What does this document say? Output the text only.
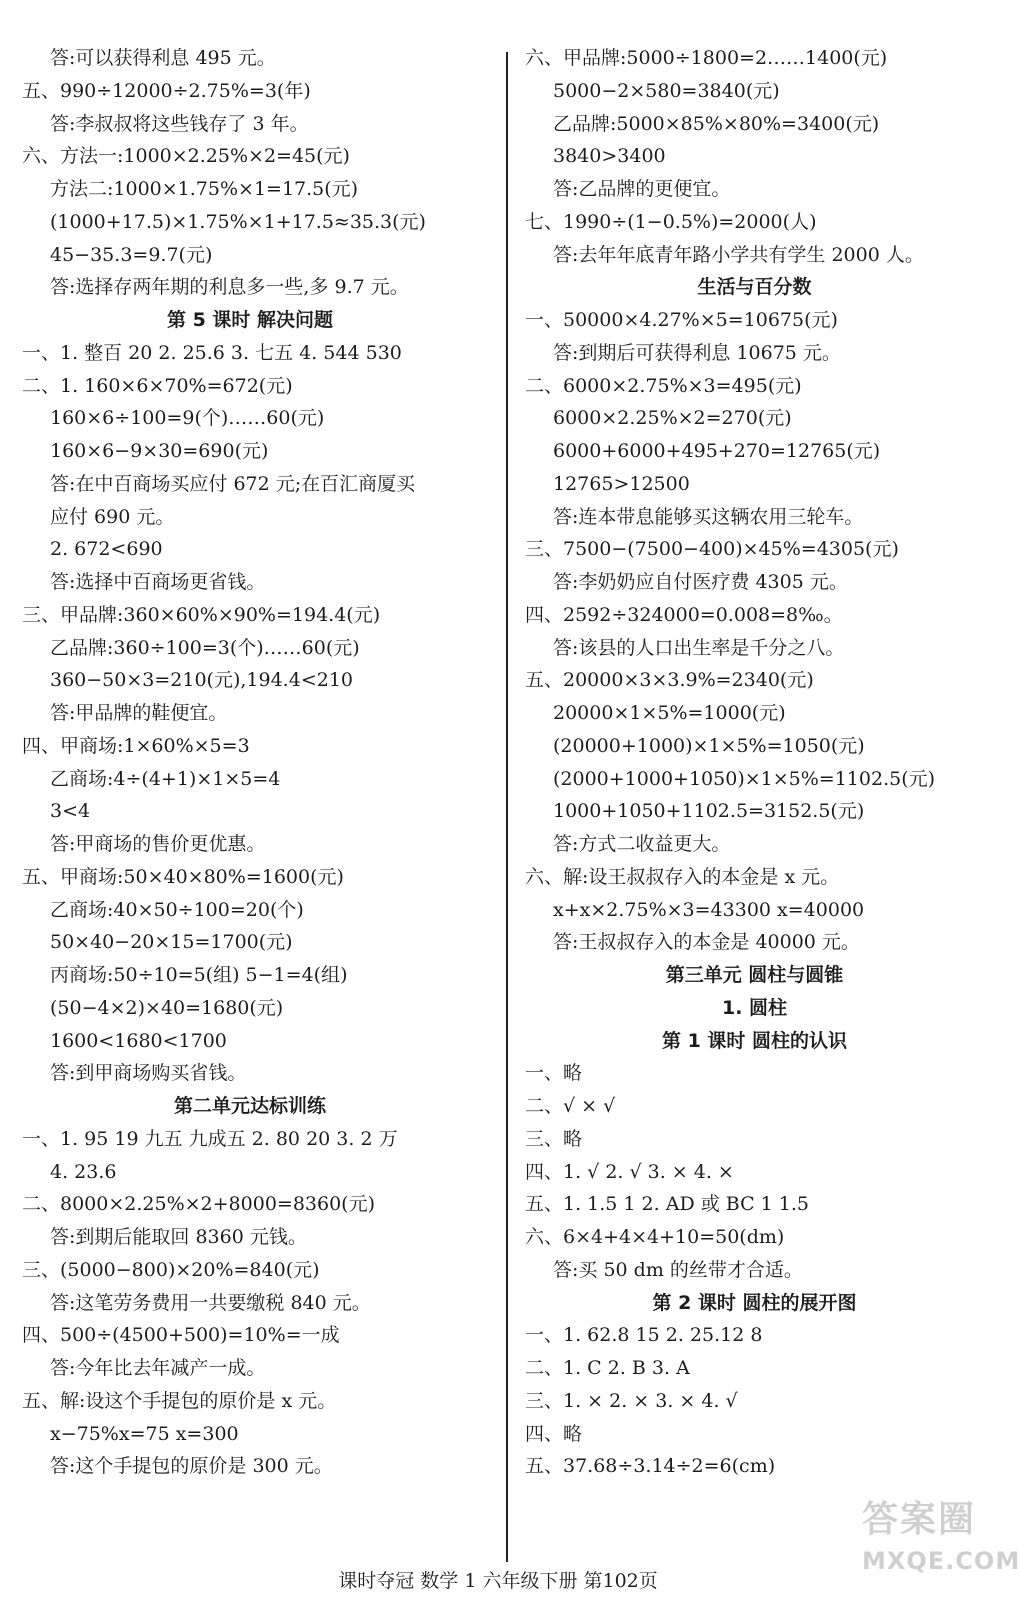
答:可以获得利息 495 元。
五、990÷12000÷2.75%=3(年)
答:李叔叔将这些钱存了 3 年。
六、方法一:1000×2.25%×2=45(元)
方法二:1000×1.75%×1=17.5(元)
(1000+17.5)×1.75%×1+17.5≈35.3(元)
45−35.3=9.7(元)
答:选择存两年期的利息多一些,多 9.7 元。
第 5 课时 解决问题
一、1. 整百 20 2. 25.6 3. 七五 4. 544 530
二、1. 160×6×70%=672(元)
160×6÷100=9(个)……60(元)
160×6−9×30=690(元)
答:在中百商场买应付 672 元;在百汇商厦买
应付 690 元。
2. 672<690
答:选择中百商场更省钱。
三、甲品牌:360×60%×90%=194.4(元)
乙品牌:360÷100=3(个)……60(元)
360−50×3=210(元),194.4<210
答:甲品牌的鞋便宜。
四、甲商场:1×60%×5=3
乙商场:4÷(4+1)×1×5=4
3<4
答:甲商场的售价更优惠。
五、甲商场:50×40×80%=1600(元)
乙商场:40×50÷100=20(个)
50×40−20×15=1700(元)
丙商场:50÷10=5(组) 5−1=4(组)
(50−4×2)×40=1680(元)
1600<1680<1700
答:到甲商场购买省钱。
第二单元达标训练
一、1. 95 19 九五 九成五 2. 80 20 3. 2 万
4. 23.6
二、8000×2.25%×2+8000=8360(元)
答:到期后能取回 8360 元钱。
三、(5000−800)×20%=840(元)
答:这笔劳务费用一共要缴税 840 元。
四、500÷(4500+500)=10%=一成
答:今年比去年减产一成。
五、解:设这个手提包的原价是 x 元。
x−75%x=75 x=300
答:这个手提包的原价是 300 元。
六、甲品牌:5000÷1800=2……1400(元)
5000−2×580=3840(元)
乙品牌:5000×85%×80%=3400(元)
3840>3400
答:乙品牌的更便宜。
七、1990÷(1−0.5%)=2000(人)
答:去年年底青年路小学共有学生 2000 人。
生活与百分数
一、50000×4.27%×5=10675(元)
答:到期后可获得利息 10675 元。
二、6000×2.75%×3=495(元)
6000×2.25%×2=270(元)
6000+6000+495+270=12765(元)
12765>12500
答:连本带息能够买这辆农用三轮车。
三、7500−(7500−400)×45%=4305(元)
答:李奶奶应自付医疗费 4305 元。
四、2592÷324000=0.008=8‰。
答:该县的人口出生率是千分之八。
五、20000×3×3.9%=2340(元)
20000×1×5%=1000(元)
(20000+1000)×1×5%=1050(元)
(2000+1000+1050)×1×5%=1102.5(元)
1000+1050+1102.5=3152.5(元)
答:方式二收益更大。
六、解:设王叔叔存入的本金是 x 元。
x+x×2.75%×3=43300 x=40000
答:王叔叔存入的本金是 40000 元。
第三单元 圆柱与圆锥
1. 圆柱
第 1 课时 圆柱的认识
一、略
二、√ × √
三、略
四、1. √ 2. √ 3. × 4. ×
五、1. 1.5 1 2. AD 或 BC 1 1.5
六、6×4+4×4+10=50(dm)
答:买 50 dm 的丝带才合适。
第 2 课时 圆柱的展开图
一、1. 62.8 15 2. 25.12 8
二、1. C 2. B 3. A
三、1. × 2. × 3. × 4. √
四、略
五、37.68÷3.14÷2=6(cm)
课时夺冠 数学 1 六年级下册 第102页
答案圈
MXQE.COM
